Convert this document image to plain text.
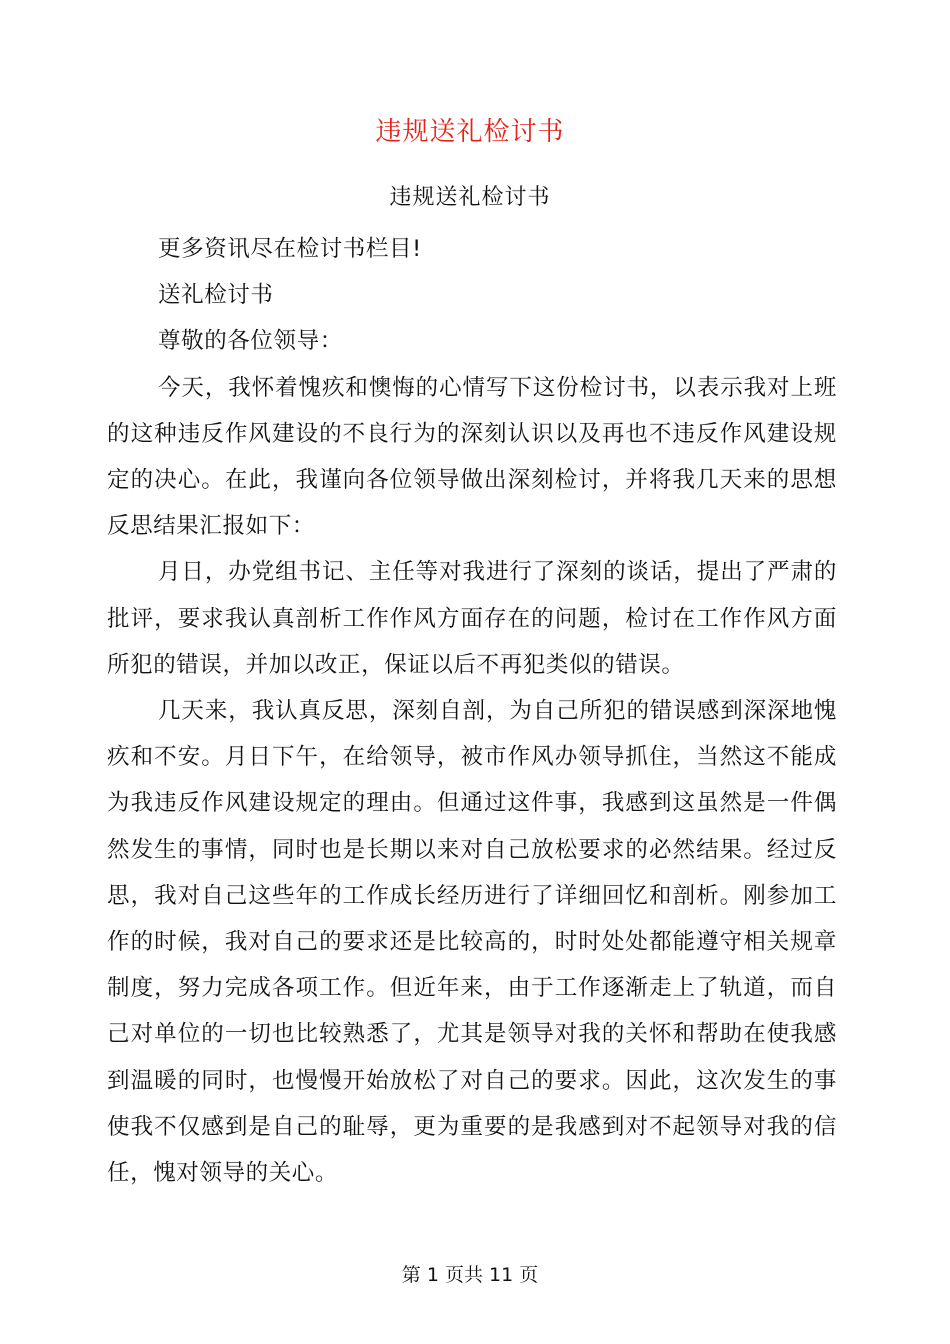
违规送礼检讨书
违规送礼检讨书

更多资讯尽在检讨书栏目!

送礼检讨书

尊敬的各位领导：

今天，我怀着愧疚和懊悔的心情写下这份检讨书，以表示我对上班的这种违反作风建设的不良行为的深刻认识以及再也不违反作风建设规定的决心。在此，我谨向各位领导做出深刻检讨，并将我几天来的思想反思结果汇报如下：

月日，办党组书记、主任等对我进行了深刻的谈话，提出了严肃的批评，要求我认真剖析工作作风方面存在的问题，检讨在工作作风方面所犯的错误，并加以改正，保证以后不再犯类似的错误。

几天来，我认真反思，深刻自剖，为自己所犯的错误感到深深地愧疚和不安。月日下午，在给领导，被市作风办领导抓住，当然这不能成为我违反作风建设规定的理由。但通过这件事，我感到这虽然是一件偶然发生的事情，同时也是长期以来对自己放松要求的必然结果。经过反思，我对自己这些年的工作成长经历进行了详细回忆和剖析。刚参加工作的时候，我对自己的要求还是比较高的，时时处处都能遵守相关规章制度，努力完成各项工作。但近年来，由于工作逐渐走上了轨道，而自己对单位的一切也比较熟悉了，尤其是领导对我的关怀和帮助在使我感到温暖的同时，也慢慢开始放松了对自己的要求。因此，这次发生的事使我不仅感到是自己的耻辱，更为重要的是我感到对不起领导对我的信任，愧对领导的关心。

第 1 页共 11 页
